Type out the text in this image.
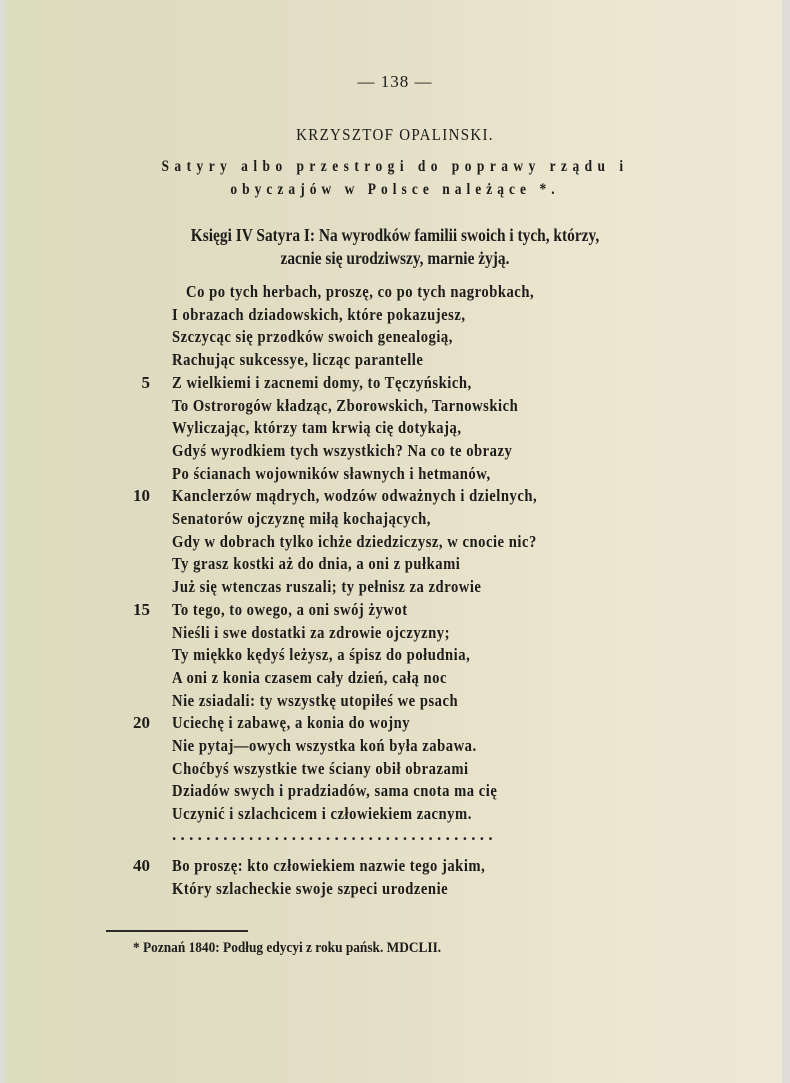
— 138 —
KRZYSZTOF OPALINSKI.
Satyry albo przestrogi do poprawy rządu i
obyczajów w Polsce należące *.
Księgi IV Satyra I: Na wyrodków familii swoich i tych, którzy,
zacnie się urodziwszy, marnie żyją.
Co po tych herbach, proszę, co po tych nagrobkach,
I obrazach dziadowskich, które pokazujesz,
Szczycąc się przodków swoich genealogią,
Rachując sukcessye, licząc parantelle
5 Z wielkiemi i zacnemi domy, to Tęczyńskich,
To Ostrorogów kładząc, Zborowskich, Tarnowskich
Wyliczając, którzy tam krwią cię dotykają,
Gdyś wyrodkiem tych wszystkich? Na co te obrazy
Po ścianach wojowników sławnych i hetmanów,
10 Kanclerzów mądrych, wodzów odważnych i dzielnych,
Senatorów ojczyznę miłą kochających,
Gdy w dobrach tylko ichże dziedziczysz, w cnocie nic?
Ty grasz kostki aż do dnia, a oni z pułkami
Już się wtenczas ruszali; ty pełnisz za zdrowie
15 To tego, to owego, a oni swój żywot
Nieśli i swe dostatki za zdrowie ojczyzny;
Ty miękko kędyś leżysz, a śpisz do południa,
A oni z konia czasem cały dzień, całą noc
Nie zsiadali: ty wszystkę utopiłeś we psach
20 Uciechę i zabawę, a konia do wojny
Nie pytaj—owych wszystka koń była zabawa.
Choćbyś wszystkie twe ściany obił obrazami
Dziadów swych i pradziadów, sama cnota ma cię
Uczynić i szlachcicem i człowiekiem zacnym.
40 Bo proszę: kto człowiekiem nazwie tego jakim,
Który szlacheckie swoje szpeci urodzenie
......................................
* Poznań 1840: Podług edycyi z roku pańsk. MDCLII.
